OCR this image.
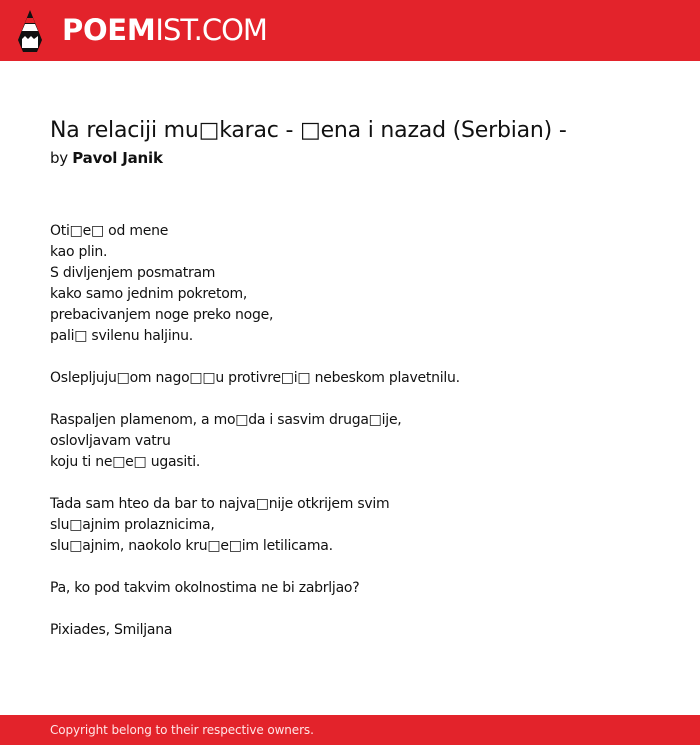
POEMIST.COM
Na relaciji mu□karac - □ena i nazad (Serbian) -
by Pavol Janik
Oti□e□ od mene
kao plin.
S divljenjem posmatram
kako samo jednim pokretom,
prebacivanjem noge preko noge,
pali□ svilenu haljinu.
Oslepljuju□om nago□□u protivre□i□ nebeskom plavetnilu.
Raspaljen plamenom, a mo□da i sasvim druga□ije,
oslovljavam vatru
koju ti ne□e□ ugasiti.
Tada sam hteo da bar to najva□nije otkrijem svim
slu□ajnim prolaznicima,
slu□ajnim, naokolo kru□e□im letilicama.
Pa, ko pod takvim okolnostima ne bi zabrljao?
Pixiades, Smiljana
Copyright belong to their respective owners.
